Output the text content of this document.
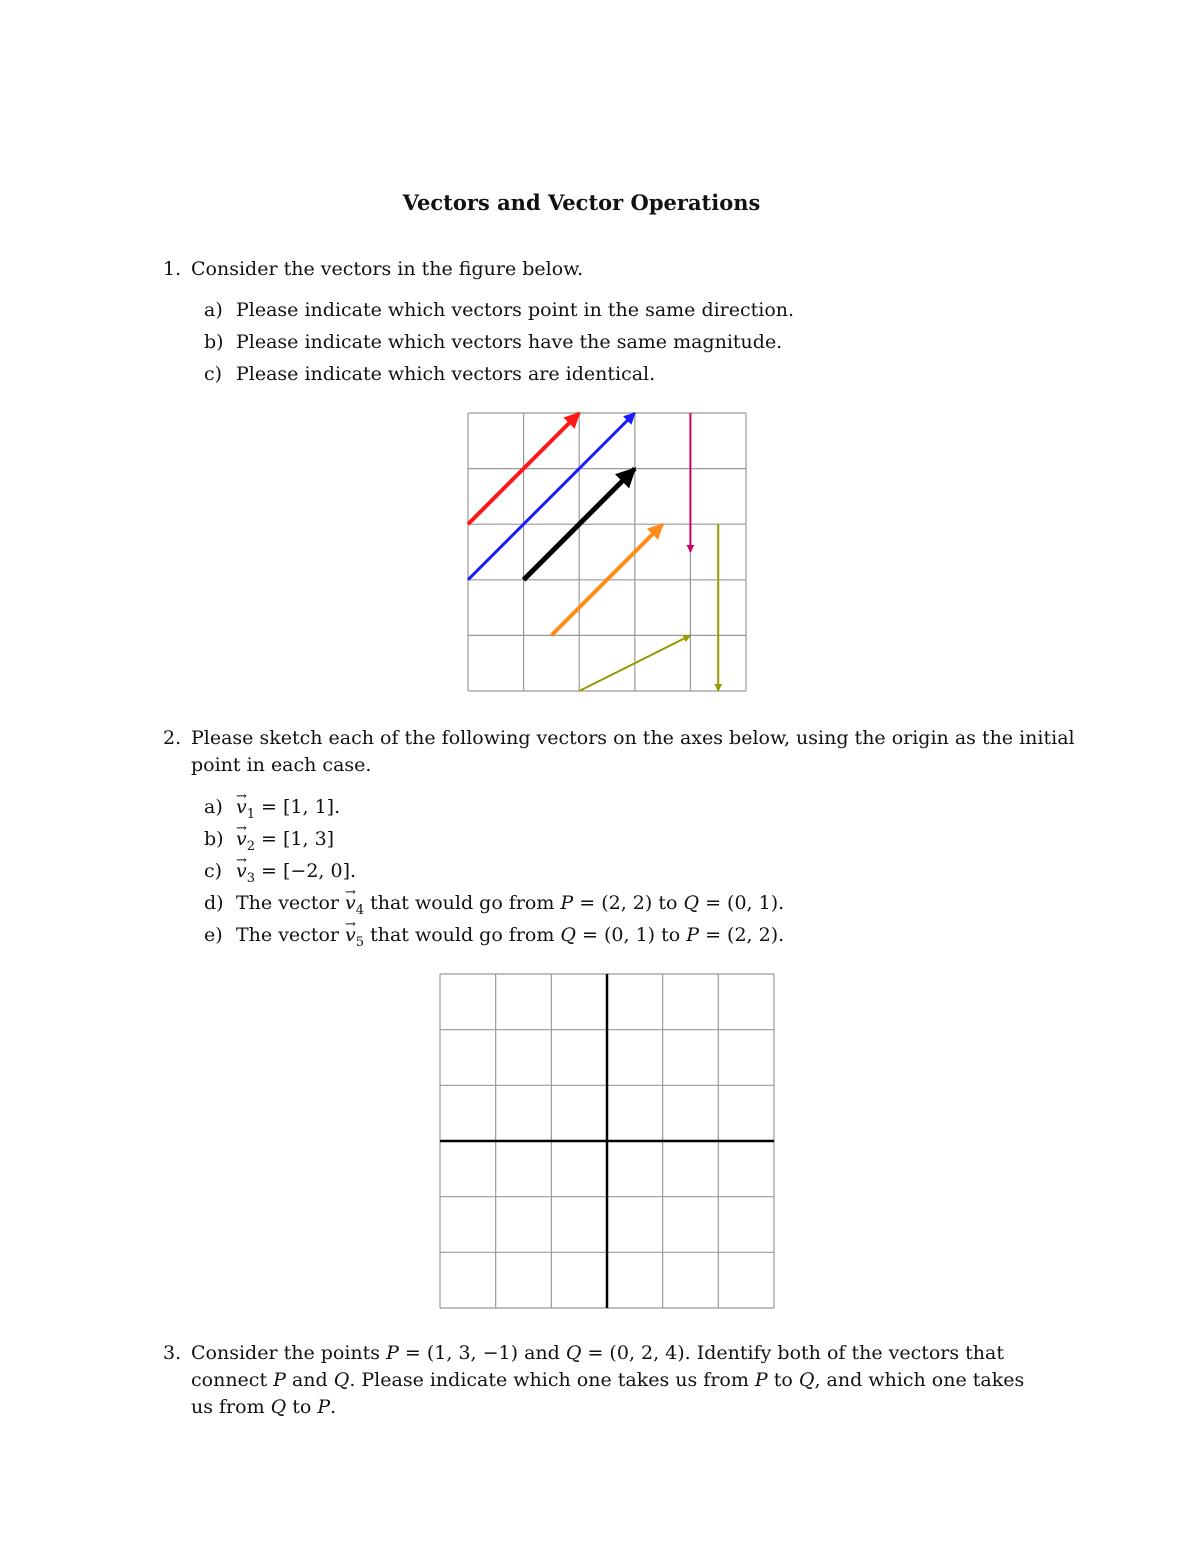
Vectors and Vector Operations
1. Consider the vectors in the figure below.
a) Please indicate which vectors point in the same direction.
b) Please indicate which vectors have the same magnitude.
c) Please indicate which vectors are identical.
2. Please sketch each of the following vectors on the axes below, using the origin as the initial
point in each case.
$a) \to v_1 = [1$, 1].
$b) \to v_2 = [1$, 3]
$c) \to v_3 = [-2$, 0].
d) The vector → $v_4$ that would go from P = (2, 2) to Q = (0, 1).
e) The vector → $v_5$ that would go from Q = (0, 1) to P = (2, 2).
3. Consider the points P = (1, 3, −1) and Q = (0, 2, 4). Identify both of the vectors that
connect P and Q. Please indicate which one takes us from P to Q, and which one takes
us from Q to P.
